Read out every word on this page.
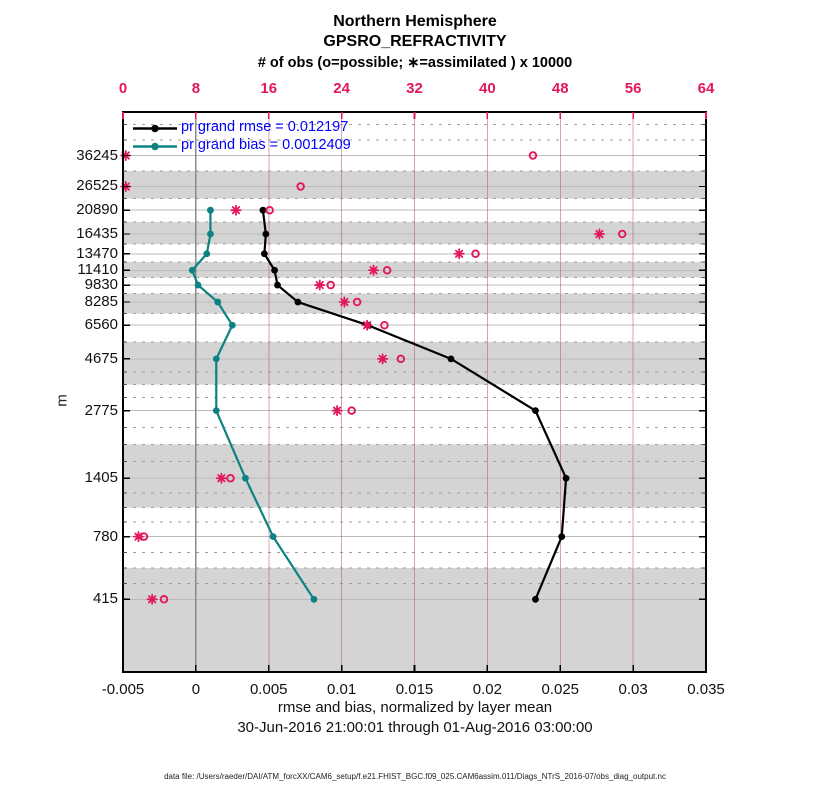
Northern Hemisphere
GPSRO_REFRACTIVITY
# of obs (o=possible; ∗=assimilated ) x 10000
m
rmse and bias, normalized by layer mean
30-Jun-2016 21:00:01 through 01-Aug-2016 03:00:00
pr grand rmse = 0.012197
pr grand bias = 0.0012409
data file: /Users/raeder/DAI/ATM_forcXX/CAM6_setup/f.e21.FHIST_BGC.f09_025.CAM6assim.011/Diags_NTrS_2016-07/obs_diag_output.nc
0	8	16	24	32	40	48	56	64
-0.005	0	0.005	0.01	0.015	0.02	0.025	0.03	0.035
36245
26525
20890
16435
13470
11410
9830
8285
6560
4675
2775
1405
780
415
